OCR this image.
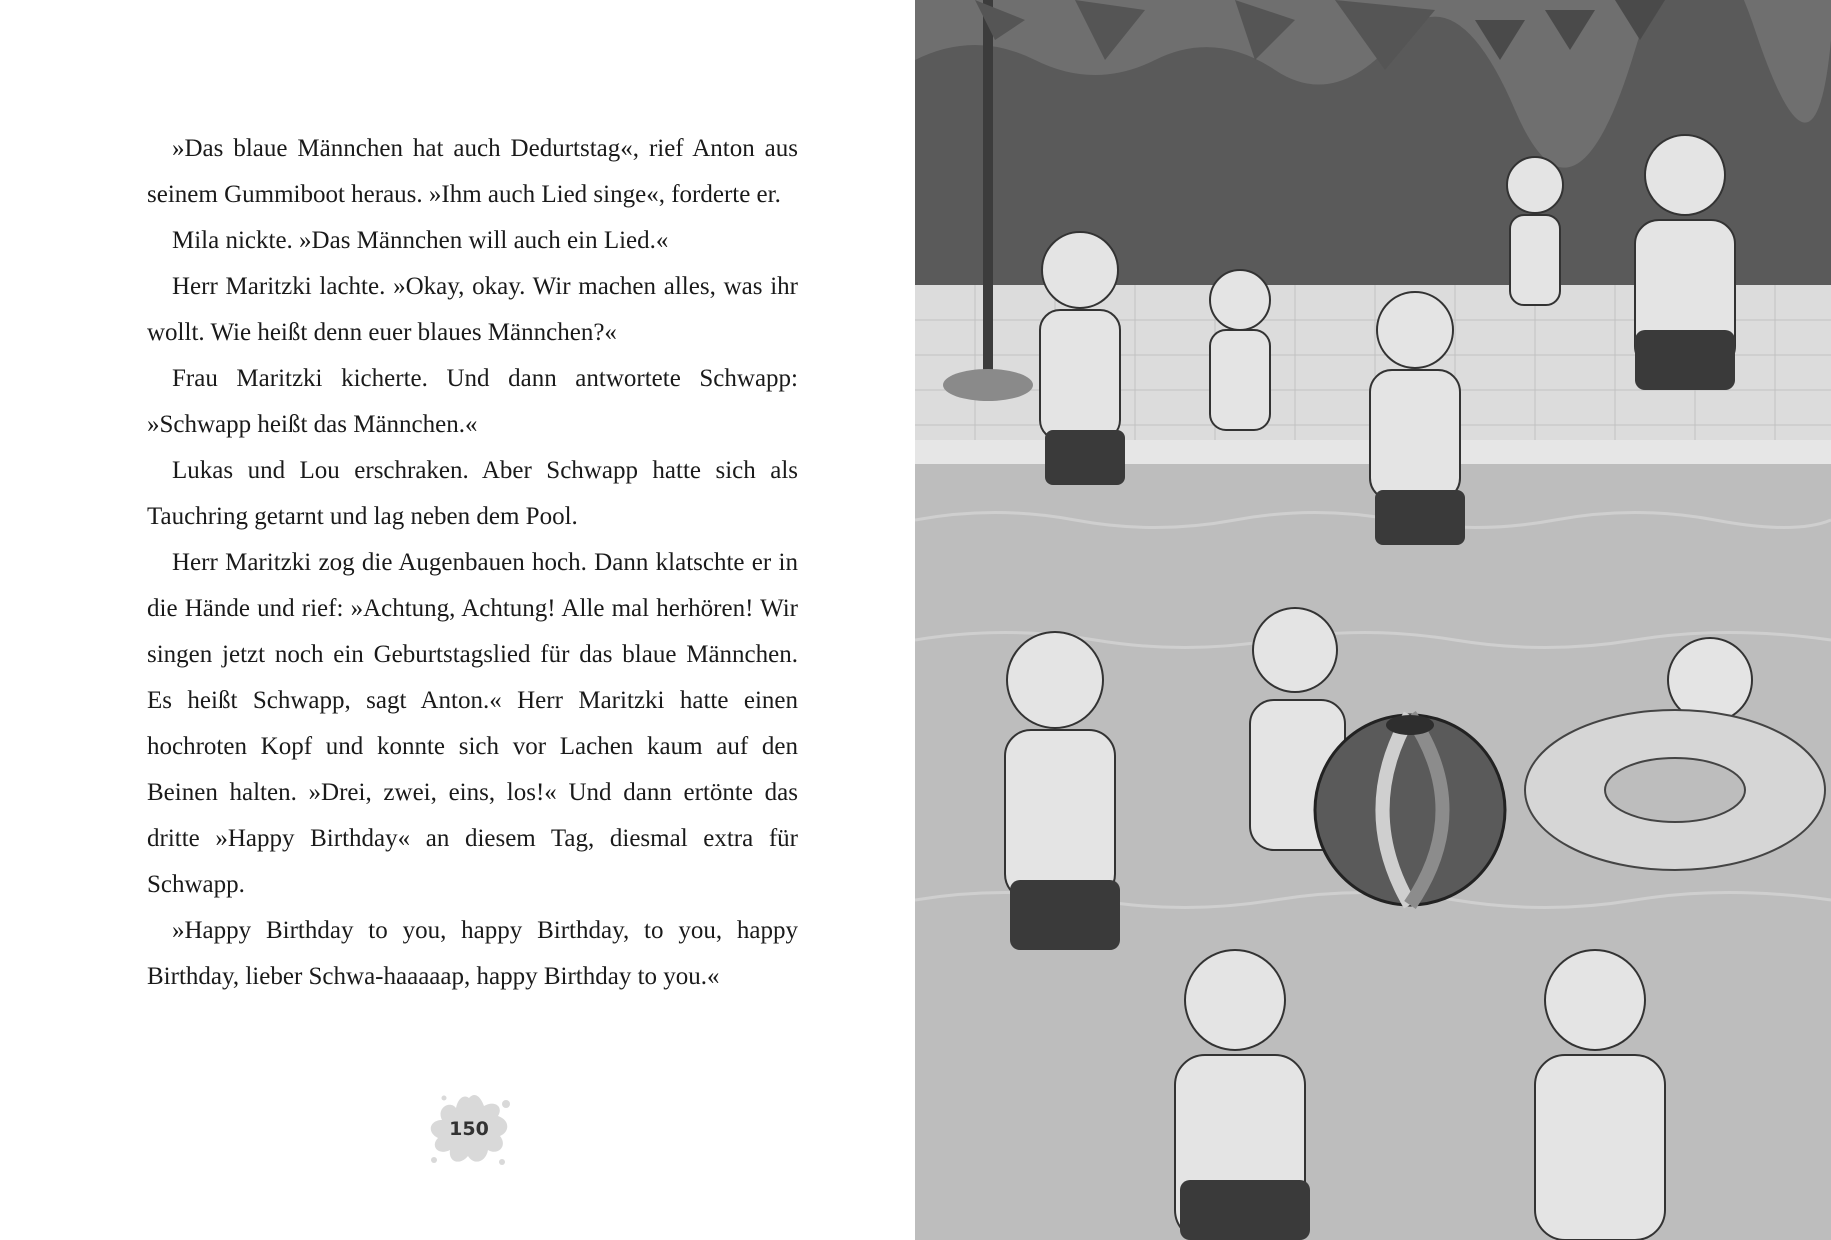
»Das blaue Männchen hat auch Dedurtstag«, rief Anton aus seinem Gummiboot heraus. »Ihm auch Lied singe«, forderte er.

Mila nickte. »Das Männchen will auch ein Lied.«

Herr Maritzki lachte. »Okay, okay. Wir machen alles, was ihr wollt. Wie heißt denn euer blaues Männchen?«

Frau Maritzki kicherte. Und dann antwortete Schwapp: »Schwapp heißt das Männchen.«

Lukas und Lou erschraken. Aber Schwapp hatte sich als Tauchring getarnt und lag neben dem Pool.

Herr Maritzki zog die Augenbauen hoch. Dann klatschte er in die Hände und rief: »Achtung, Achtung! Alle mal herhören! Wir singen jetzt noch ein Geburtstagslied für das blaue Männchen. Es heißt Schwapp, sagt Anton.« Herr Maritzki hatte einen hochroten Kopf und konnte sich vor Lachen kaum auf den Beinen halten. »Drei, zwei, eins, los!« Und dann ertönte das dritte »Happy Birthday« an diesem Tag, diesmal extra für Schwapp.

»Happy Birthday to you, happy Birthday, to you, happy Birthday, lieber Schwa-haaaaap, happy Birthday to you.«

150
